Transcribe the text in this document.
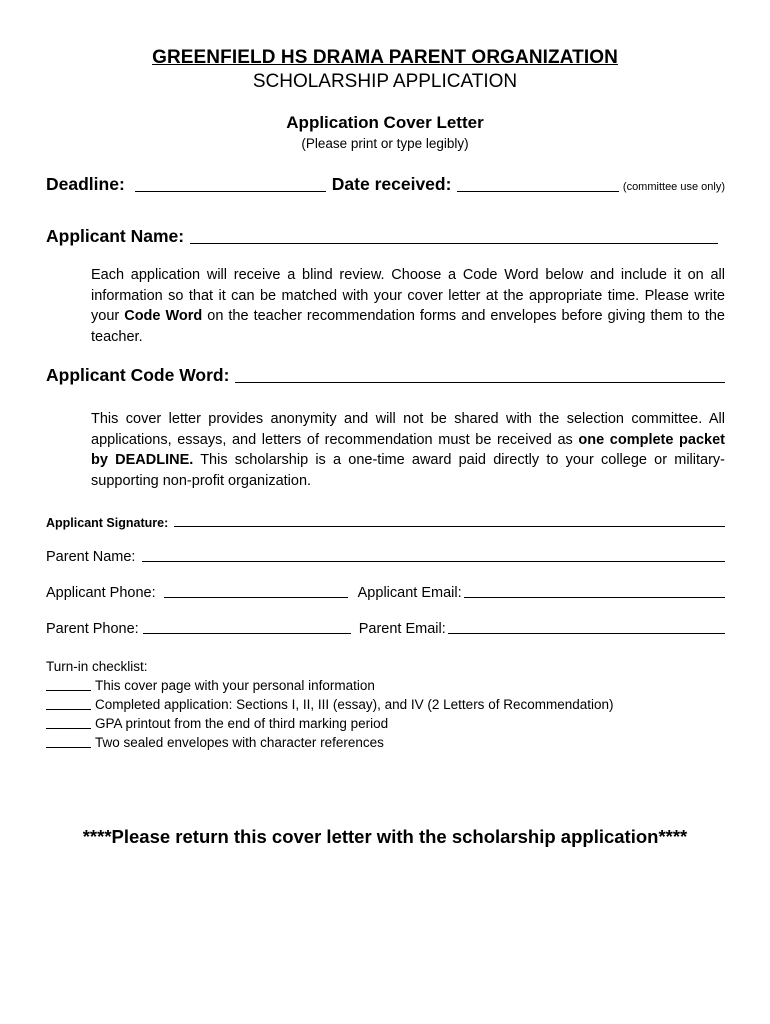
GREENFIELD HS DRAMA PARENT ORGANIZATION
SCHOLARSHIP APPLICATION
Application Cover Letter
(Please print or type legibly)
Deadline:	Date received:	(committee use only)
Applicant Name:
Each application will receive a blind review. Choose a Code Word below and include it on all information so that it can be matched with your cover letter at the appropriate time. Please write your Code Word on the teacher recommendation forms and envelopes before giving them to the teacher.
Applicant Code Word:
This cover letter provides anonymity and will not be shared with the selection committee. All applications, essays, and letters of recommendation must be received as one complete packet by DEADLINE. This scholarship is a one-time award paid directly to your college or military-supporting non-profit organization.
Applicant Signature:
Parent Name:
Applicant Phone:	Applicant Email:
Parent Phone:	Parent Email:
Turn-in checklist:
This cover page with your personal information
Completed application: Sections I, II, III (essay), and IV (2 Letters of Recommendation)
GPA printout from the end of third marking period
Two sealed envelopes with character references
****Please return this cover letter with the scholarship application****
